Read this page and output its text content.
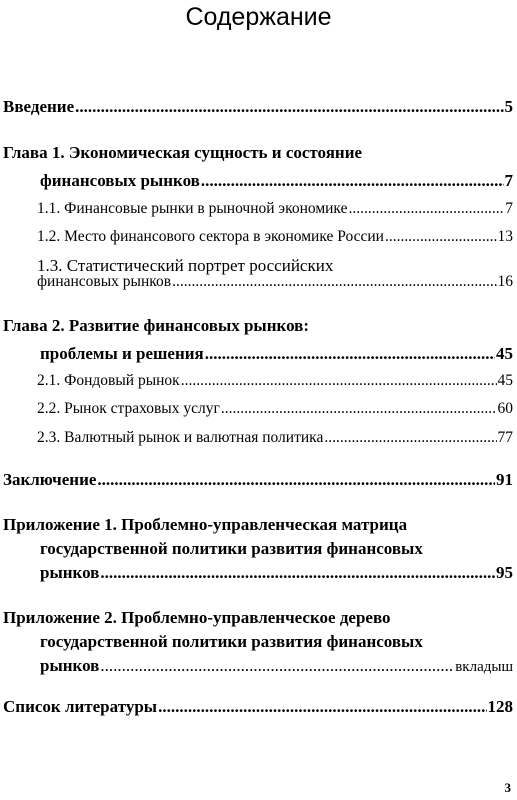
Содержание
Введение .....	5
Глава 1. Экономическая сущность и состояние
финансовых рынков .....	7
1.1. Финансовые рынки в рыночной экономике .....	7
1.2. Место финансового сектора в экономике России .....	13
1.3. Статистический портрет российских
финансовых рынков .....	16
Глава 2. Развитие финансовых рынков:
проблемы и решения .....	45
2.1. Фондовый рынок .....	45
2.2. Рынок страховых услуг .....	60
2.3. Валютный рынок и валютная политика .....	77
Заключение .....	91
Приложение 1. Проблемно-управленческая матрица
государственной политики развития финансовых
рынков .....	95
Приложение 2. Проблемно-управленческое дерево
государственной политики развития финансовых
рынков .....	вкладыш
Список литературы .....	128
3
